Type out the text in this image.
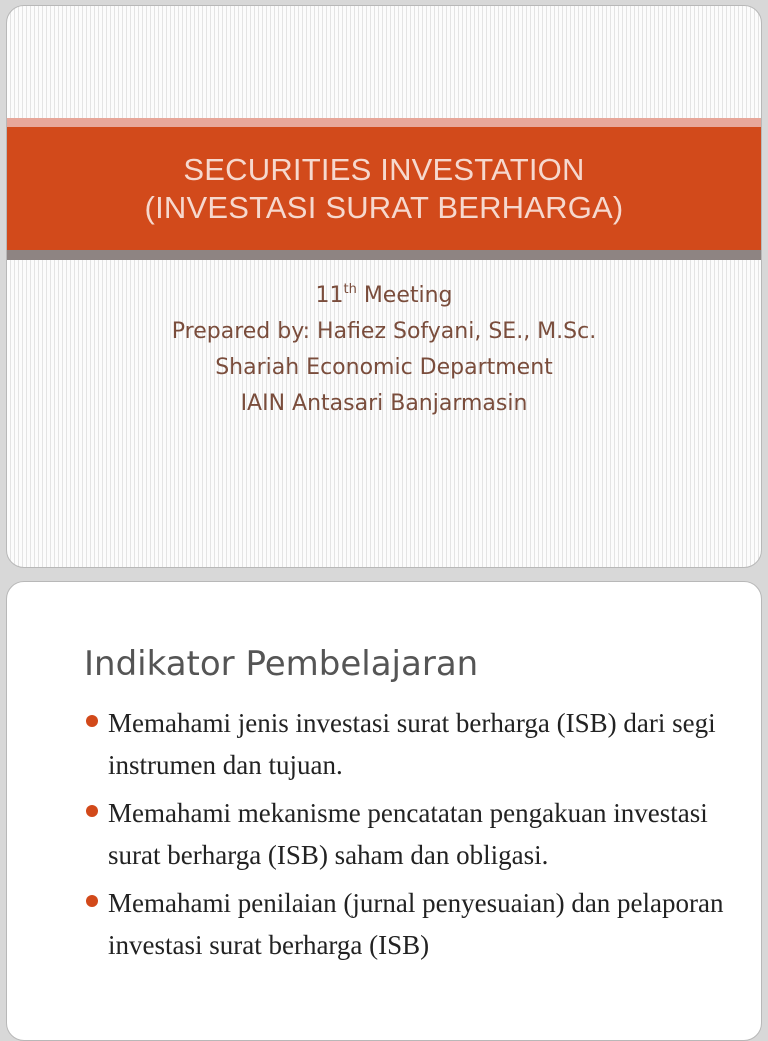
SECURITIES INVESTATION
(INVESTASI SURAT BERHARGA)
11th Meeting
Prepared by: Hafiez Sofyani, SE., M.Sc.
Shariah Economic Department
IAIN Antasari Banjarmasin
Indikator Pembelajaran
Memahami jenis investasi surat berharga (ISB) dari segi instrumen dan tujuan.
Memahami mekanisme pencatatan pengakuan investasi surat berharga (ISB) saham dan obligasi.
Memahami penilaian (jurnal penyesuaian) dan pelaporan investasi surat berharga (ISB)
